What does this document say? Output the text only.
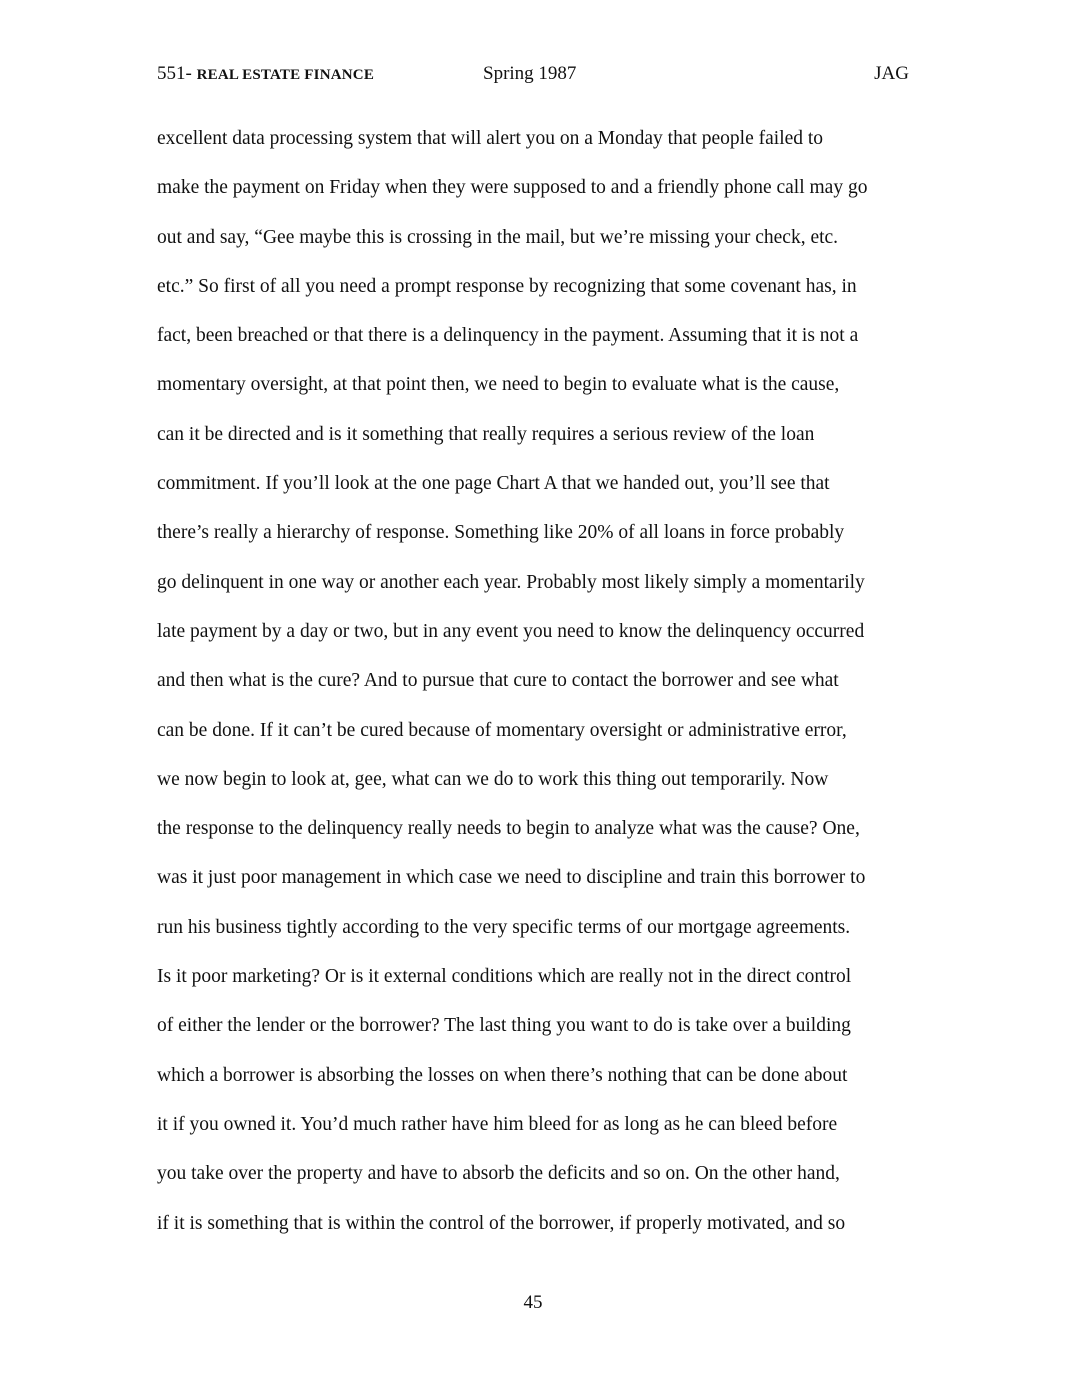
551- REAL ESTATE FINANCE	Spring 1987	JAG
excellent data processing system that will alert you on a Monday that people failed to
make the payment on Friday when they were supposed to and a friendly phone call may go
out and say, “Gee maybe this is crossing in the mail, but we’re missing your check, etc.
etc.” So first of all you need a prompt response by recognizing that some covenant has, in
fact, been breached or that there is a delinquency in the payment. Assuming that it is not a
momentary oversight, at that point then, we need to begin to evaluate what is the cause,
can it be directed and is it something that really requires a serious review of the loan
commitment. If you’ll look at the one page Chart A that we handed out, you’ll see that
there’s really a hierarchy of response. Something like 20% of all loans in force probably
go delinquent in one way or another each year. Probably most likely simply a momentarily
late payment by a day or two, but in any event you need to know the delinquency occurred
and then what is the cure? And to pursue that cure to contact the borrower and see what
can be done. If it can’t be cured because of momentary oversight or administrative error,
we now begin to look at, gee, what can we do to work this thing out temporarily. Now
the response to the delinquency really needs to begin to analyze what was the cause? One,
was it just poor management in which case we need to discipline and train this borrower to
run his business tightly according to the very specific terms of our mortgage agreements.
Is it poor marketing? Or is it external conditions which are really not in the direct control
of either the lender or the borrower? The last thing you want to do is take over a building
which a borrower is absorbing the losses on when there’s nothing that can be done about
it if you owned it. You’d much rather have him bleed for as long as he can bleed before
you take over the property and have to absorb the deficits and so on. On the other hand,
if it is something that is within the control of the borrower, if properly motivated, and so
45
